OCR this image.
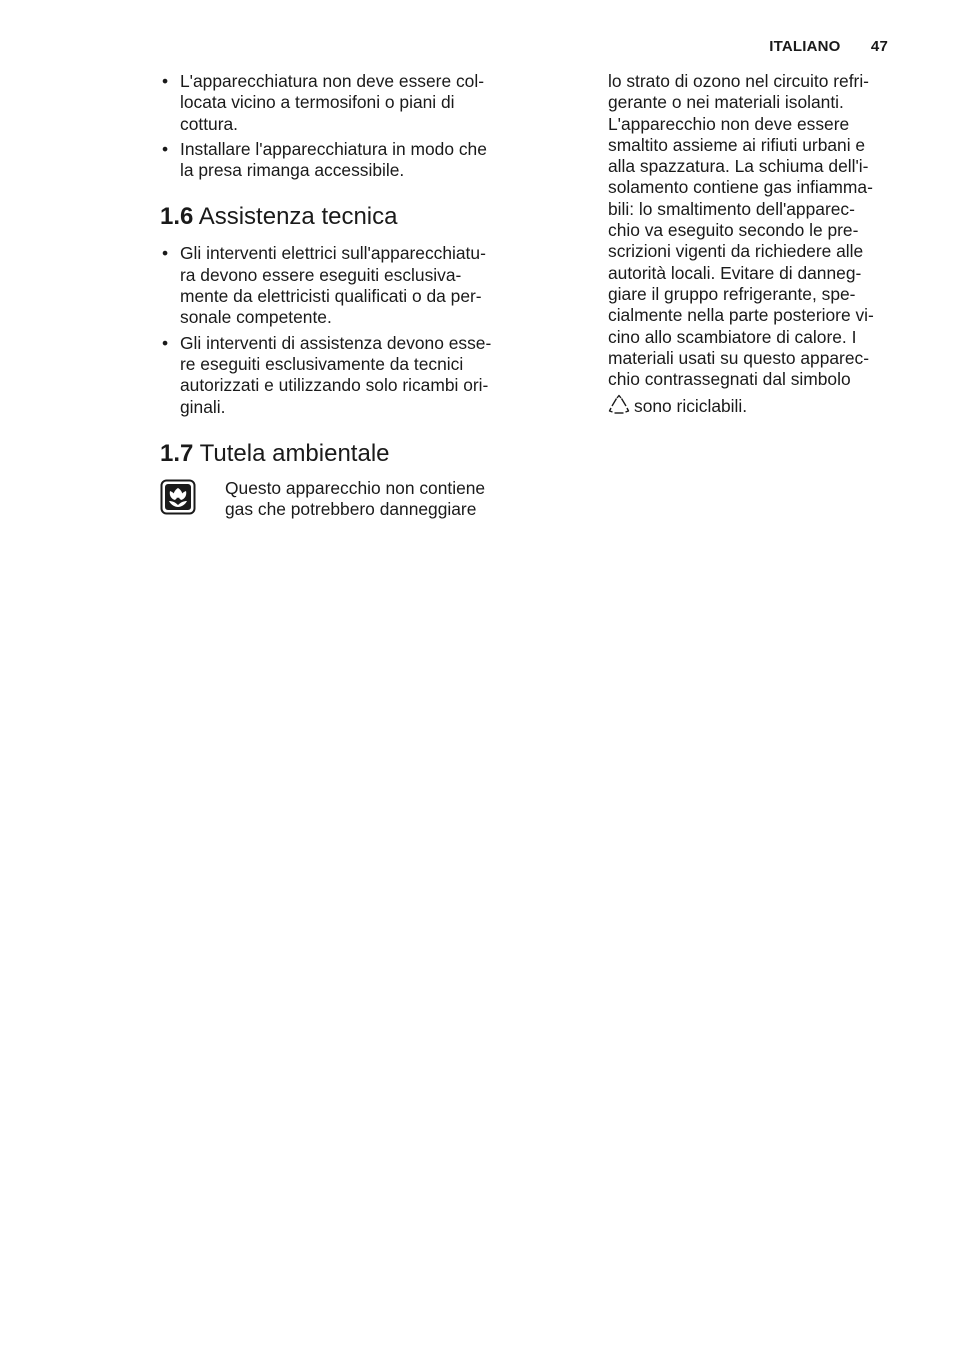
ITALIANO 47
• L'apparecchiatura non deve essere col-
locata vicino a termosifoni o piani di
cottura.
• Installare l'apparecchiatura in modo che
la presa rimanga accessibile.
1.6 Assistenza tecnica
• Gli interventi elettrici sull'apparecchiatu-
ra devono essere eseguiti esclusiva-
mente da elettricisti qualificati o da per-
sonale competente.
• Gli interventi di assistenza devono esse-
re eseguiti esclusivamente da tecnici
autorizzati e utilizzando solo ricambi ori-
ginali.
1.7 Tutela ambientale
Questo apparecchio non contiene
gas che potrebbero danneggiare
lo strato di ozono nel circuito refri-
gerante o nei materiali isolanti.
L'apparecchio non deve essere
smaltito assieme ai rifiuti urbani e
alla spazzatura. La schiuma dell'i-
solamento contiene gas infiamma-
bili: lo smaltimento dell'apparec-
chio va eseguito secondo le pre-
scrizioni vigenti da richiedere alle
autorità locali. Evitare di danneg-
giare il gruppo refrigerante, spe-
cialmente nella parte posteriore vi-
cino allo scambiatore di calore. I
materiali usati su questo apparec-
chio contrassegnati dal simbolo
sono riciclabili.
